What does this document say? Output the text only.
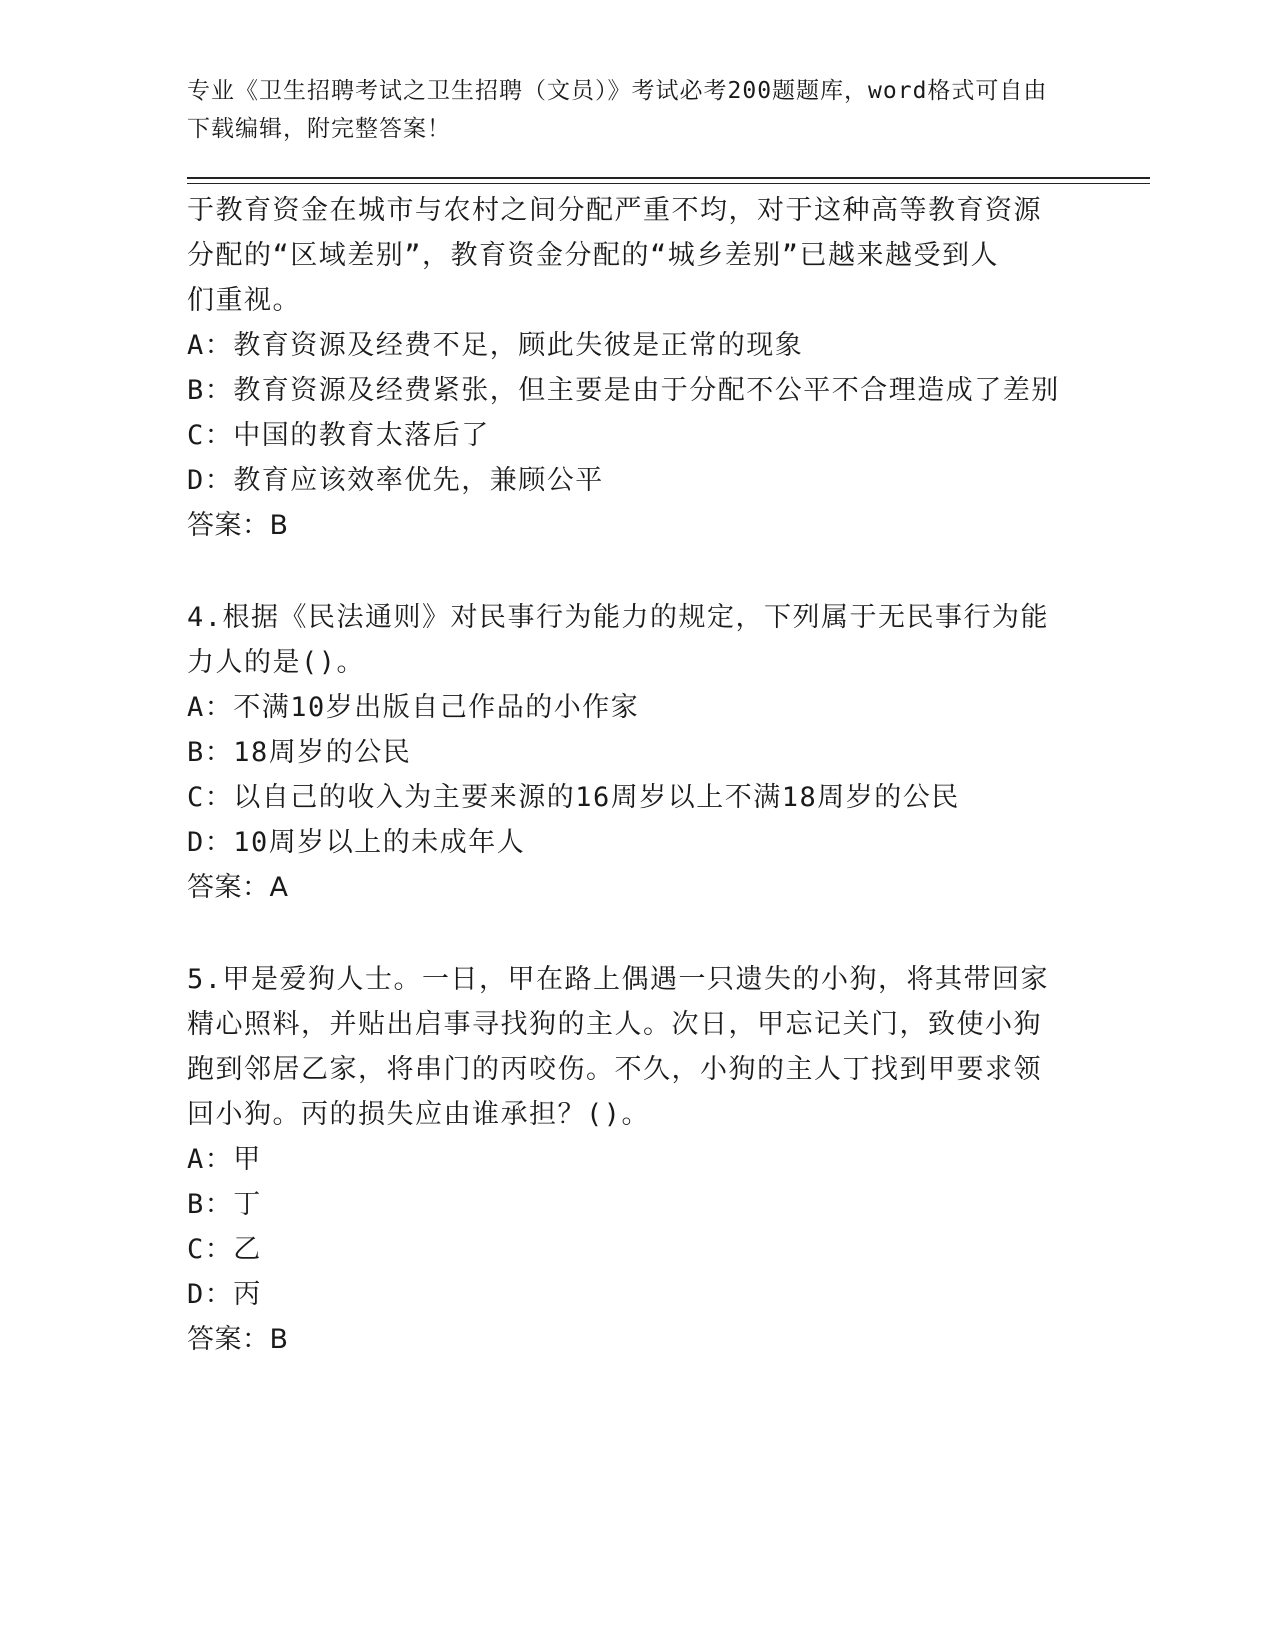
专业《卫生招聘考试之卫生招聘（文员）》考试必考200题题库，word格式可自由下载编辑，附完整答案！
于教育资金在城市与农村之间分配严重不均，对于这种高等教育资源
分配的“区域差别”，教育资金分配的“城乡差别”已越来越受到人
们重视。
A：教育资源及经费不足，顾此失彼是正常的现象
B：教育资源及经费紧张，但主要是由于分配不公平不合理造成了差别
C：中国的教育太落后了
D：教育应该效率优先，兼顾公平
答案：B
4.根据《民法通则》对民事行为能力的规定，下列属于无民事行为能
力人的是()。
A：不满10岁出版自己作品的小作家
B：18周岁的公民
C：以自己的收入为主要来源的16周岁以上不满18周岁的公民
D：10周岁以上的未成年人
答案：A
5.甲是爱狗人士。一日，甲在路上偶遇一只遗失的小狗，将其带回家
精心照料，并贴出启事寻找狗的主人。次日，甲忘记关门，致使小狗
跑到邻居乙家，将串门的丙咬伤。不久，小狗的主人丁找到甲要求领
回小狗。丙的损失应由谁承担？()。
A：甲
B：丁
C：乙
D：丙
答案：B
